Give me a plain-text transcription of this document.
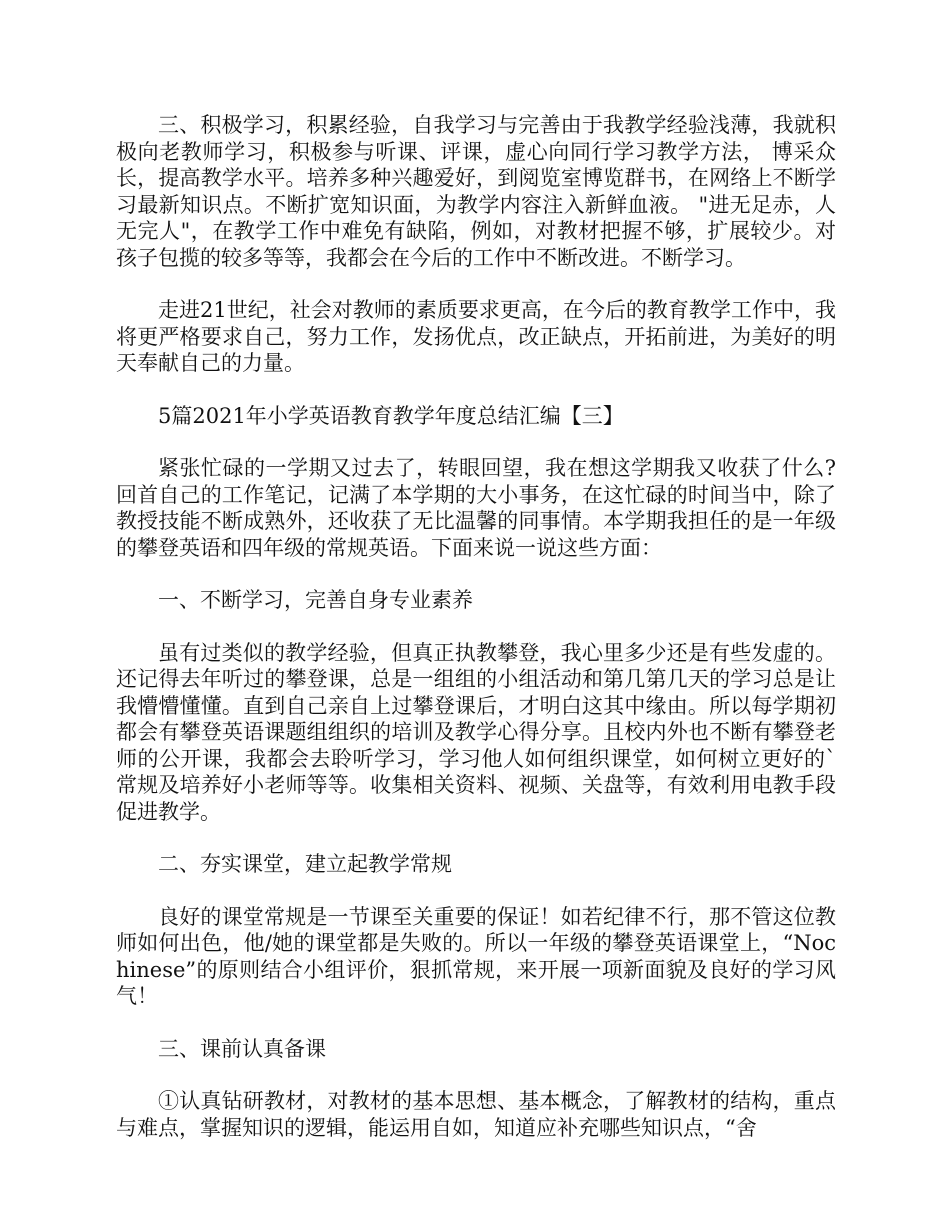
三、积极学习，积累经验，自我学习与完善由于我教学经验浅薄，我就积极向老教师学习，积极参与听课、评课，虚心向同行学习教学方法， 博采众长，提高教学水平。培养多种兴趣爱好，到阅览室博览群书，在网络上不断学习最新知识点。不断扩宽知识面，为教学内容注入新鲜血液。 "进无足赤，人无完人"，在教学工作中难免有缺陷，例如，对教材把握不够，扩展较少。对孩子包揽的较多等等，我都会在今后的工作中不断改进。不断学习。

走进21世纪，社会对教师的素质要求更高，在今后的教育教学工作中，我将更严格要求自己，努力工作，发扬优点，改正缺点，开拓前进，为美好的明天奉献自己的力量。

5篇2021年小学英语教育教学年度总结汇编【三】

紧张忙碌的一学期又过去了，转眼回望，我在想这学期我又收获了什么?回首自己的工作笔记，记满了本学期的大小事务，在这忙碌的时间当中，除了教授技能不断成熟外，还收获了无比温馨的同事情。本学期我担任的是一年级的攀登英语和四年级的常规英语。下面来说一说这些方面：

一、不断学习，完善自身专业素养

虽有过类似的教学经验，但真正执教攀登，我心里多少还是有些发虚的。还记得去年听过的攀登课，总是一组组的小组活动和第几第几天的学习总是让我懵懵懂懂。直到自己亲自上过攀登课后，才明白这其中缘由。所以每学期初都会有攀登英语课题组组织的培训及教学心得分享。且校内外也不断有攀登老师的公开课，我都会去聆听学习，学习他人如何组织课堂，如何树立更好的`常规及培养好小老师等等。收集相关资料、视频、关盘等，有效利用电教手段促进教学。

二、夯实课堂，建立起教学常规

良好的课堂常规是一节课至关重要的保证！如若纪律不行，那不管这位教师如何出色，他/她的课堂都是失败的。所以一年级的攀登英语课堂上，“Nochinese”的原则结合小组评价，狠抓常规，来开展一项新面貌及良好的学习风气！

三、课前认真备课

①认真钻研教材，对教材的基本思想、基本概念，了解教材的结构，重点与难点，掌握知识的逻辑，能运用自如，知道应补充哪些知识点，“舍
